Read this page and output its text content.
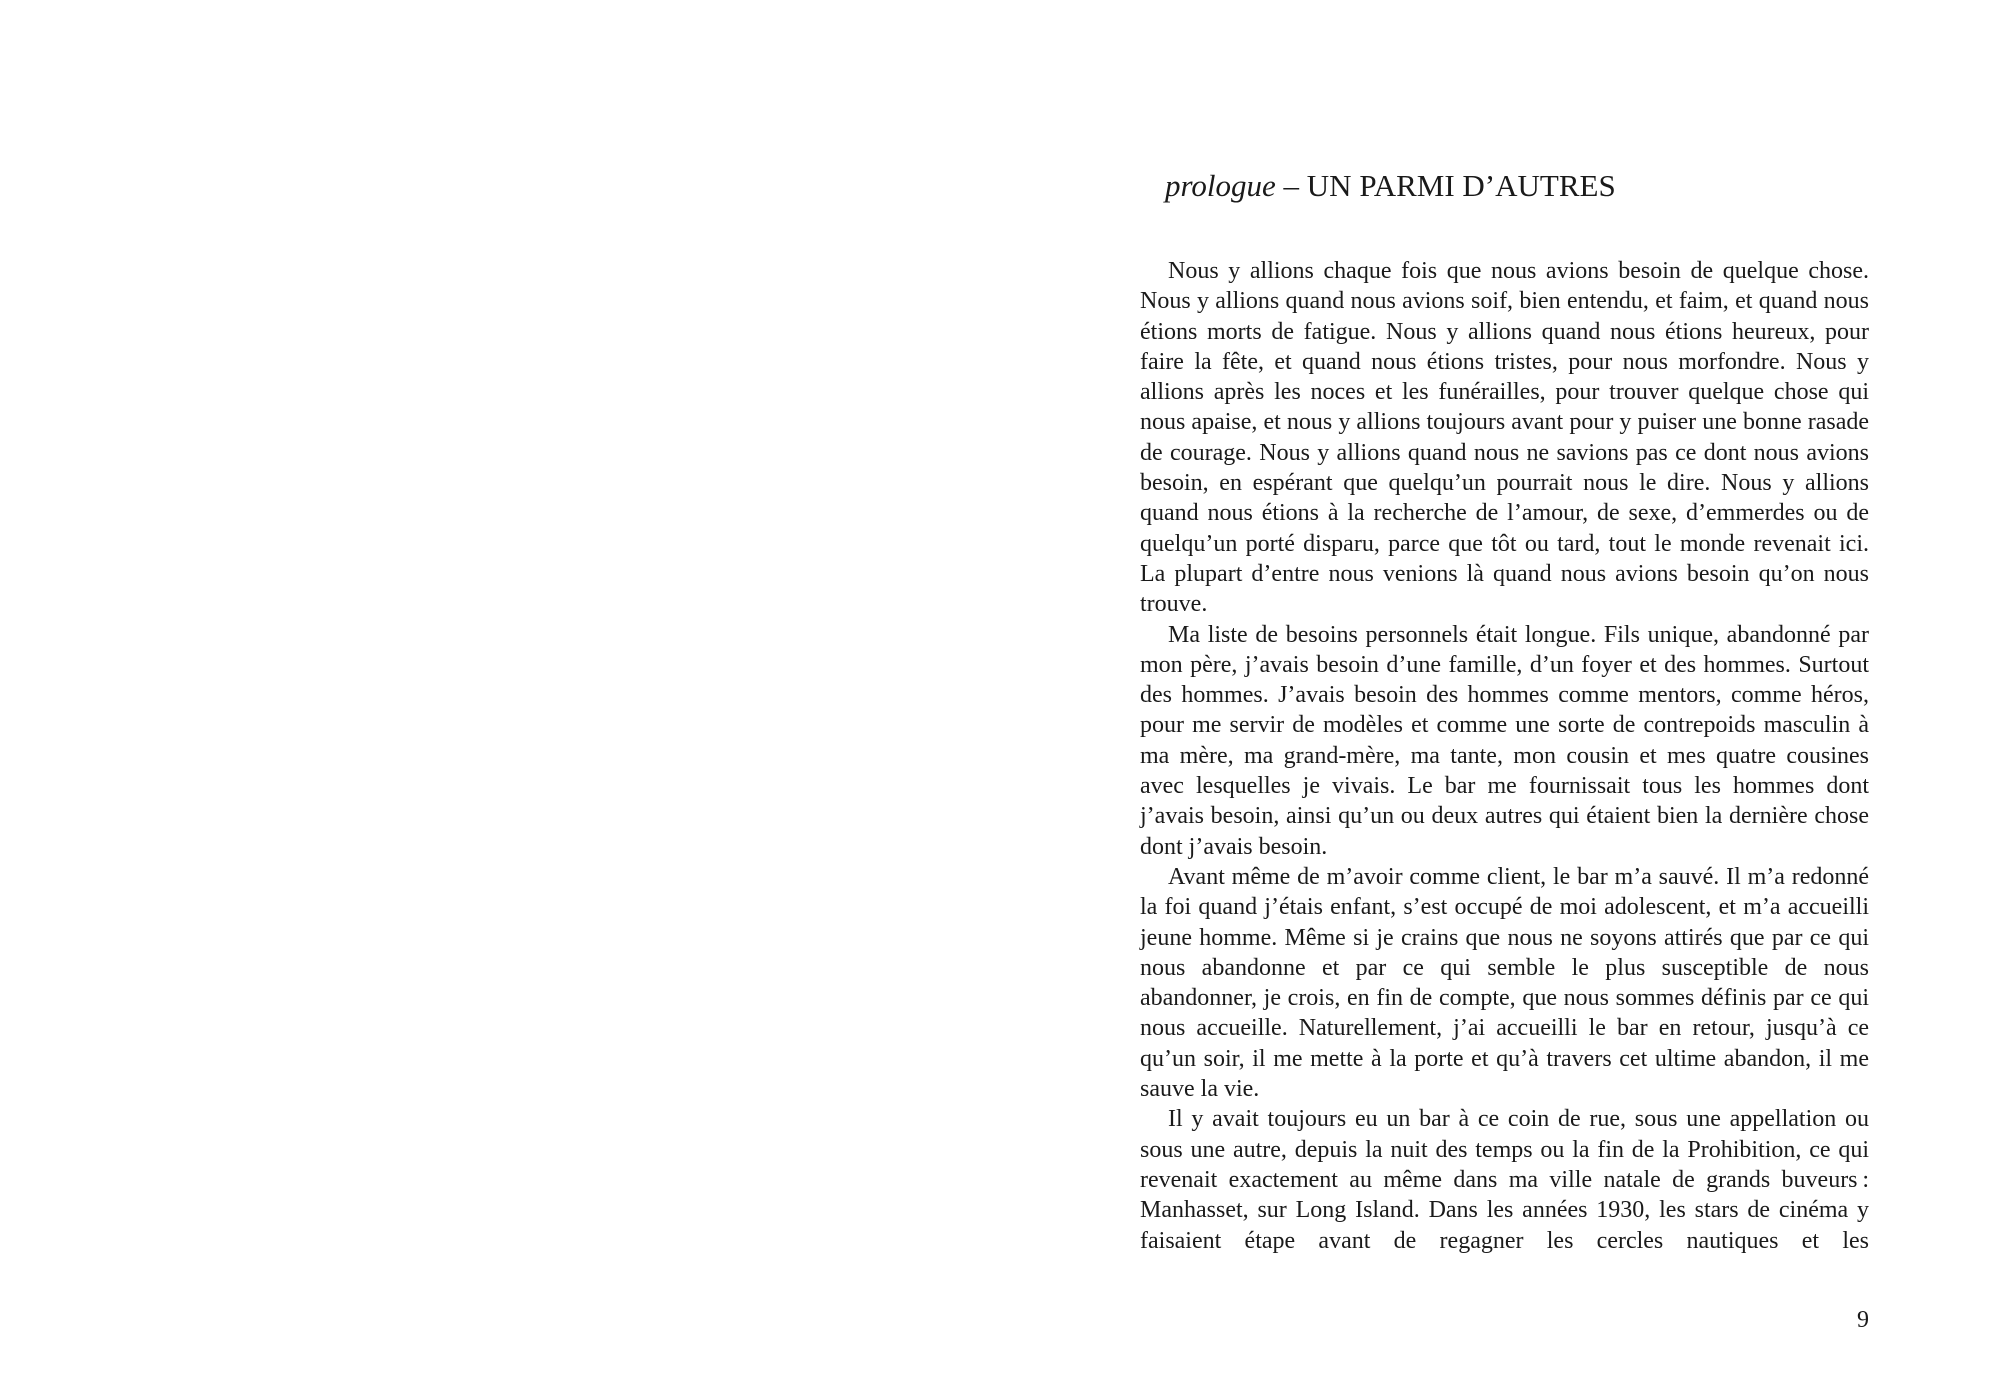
prologue – UN PARMI D’AUTRES

Nous y allions chaque fois que nous avions besoin de quelque chose. Nous y allions quand nous avions soif, bien entendu, et faim, et quand nous étions morts de fatigue. Nous y allions quand nous étions heureux, pour faire la fête, et quand nous étions tristes, pour nous morfondre. Nous y allions après les noces et les funérailles, pour trouver quelque chose qui nous apaise, et nous y allions toujours avant pour y puiser une bonne rasade de courage. Nous y allions quand nous ne savions pas ce dont nous avions besoin, en espérant que quelqu’un pourrait nous le dire. Nous y allions quand nous étions à la recherche de l’amour, de sexe, d’emmerdes ou de quelqu’un porté disparu, parce que tôt ou tard, tout le monde revenait ici. La plupart d’entre nous venions là quand nous avions besoin qu’on nous trouve.

Ma liste de besoins personnels était longue. Fils unique, abandonné par mon père, j’avais besoin d’une famille, d’un foyer et des hommes. Surtout des hommes. J’avais besoin des hommes comme mentors, comme héros, pour me servir de modèles et comme une sorte de contrepoids masculin à ma mère, ma grand-mère, ma tante, mon cousin et mes quatre cousines avec lesquelles je vivais. Le bar me fournissait tous les hommes dont j’avais besoin, ainsi qu’un ou deux autres qui étaient bien la dernière chose dont j’avais besoin.

Avant même de m’avoir comme client, le bar m’a sauvé. Il m’a redonné la foi quand j’étais enfant, s’est occupé de moi adolescent, et m’a accueilli jeune homme. Même si je crains que nous ne soyons attirés que par ce qui nous abandonne et par ce qui semble le plus susceptible de nous abandonner, je crois, en fin de compte, que nous sommes définis par ce qui nous accueille. Naturellement, j’ai accueilli le bar en retour, jusqu’à ce qu’un soir, il me mette à la porte et qu’à travers cet ultime abandon, il me sauve la vie.

Il y avait toujours eu un bar à ce coin de rue, sous une appellation ou sous une autre, depuis la nuit des temps ou la fin de la Prohibition, ce qui revenait exactement au même dans ma ville natale de grands buveurs : Manhasset, sur Long Island. Dans les années 1930, les stars de cinéma y faisaient étape avant de regagner les cercles nautiques et les

9
